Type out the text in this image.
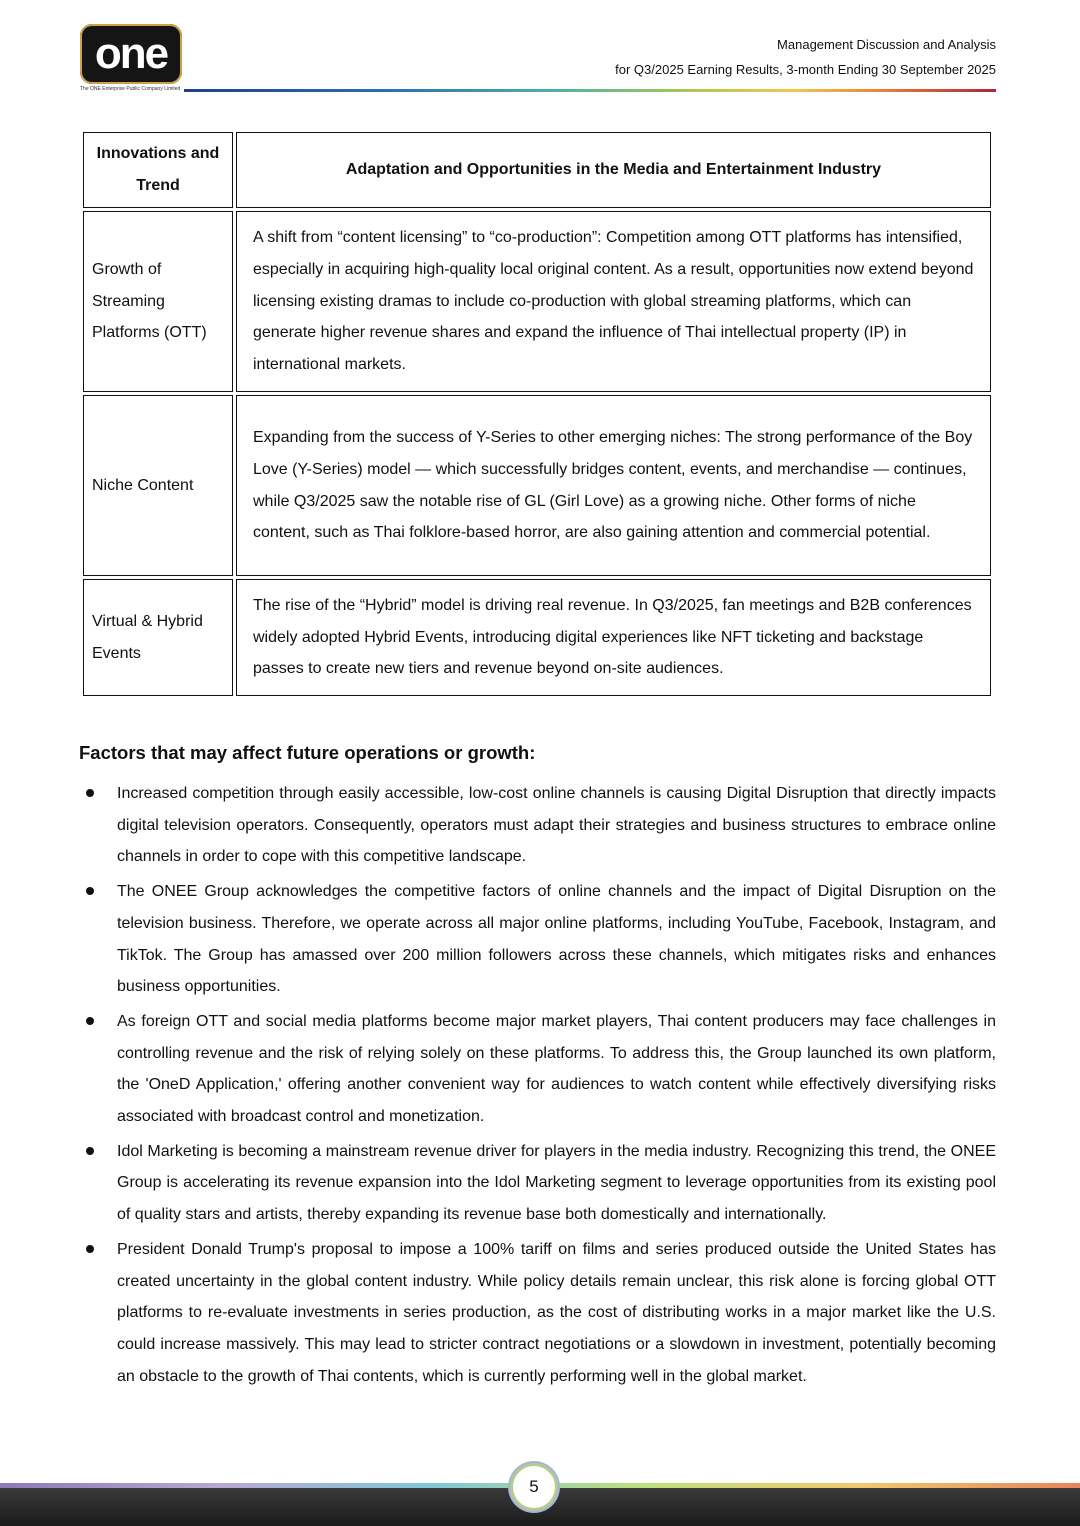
one
The ONE Enterprise Public Company Limited
Management Discussion and Analysis
for Q3/2025 Earning Results, 3-month Ending 30 September 2025
Innovations and Trend	Adaptation and Opportunities in the Media and Entertainment Industry
Growth of Streaming Platforms (OTT)	A shift from “content licensing” to “co-production”: Competition among OTT platforms has intensified, especially in acquiring high-quality local original content. As a result, opportunities now extend beyond licensing existing dramas to include co-production with global streaming platforms, which can generate higher revenue shares and expand the influence of Thai intellectual property (IP) in international markets.
Niche Content	Expanding from the success of Y-Series to other emerging niches: The strong performance of the Boy Love (Y-Series) model — which successfully bridges content, events, and merchandise — continues, while Q3/2025 saw the notable rise of GL (Girl Love) as a growing niche. Other forms of niche content, such as Thai folklore-based horror, are also gaining attention and commercial potential.
Virtual & Hybrid Events	The rise of the “Hybrid” model is driving real revenue. In Q3/2025, fan meetings and B2B conferences widely adopted Hybrid Events, introducing digital experiences like NFT ticketing and backstage passes to create new tiers and revenue beyond on-site audiences.
Factors that may affect future operations or growth:
Increased competition through easily accessible, low-cost online channels is causing Digital Disruption that directly impacts digital television operators. Consequently, operators must adapt their strategies and business structures to embrace online channels in order to cope with this competitive landscape.
The ONEE Group acknowledges the competitive factors of online channels and the impact of Digital Disruption on the television business. Therefore, we operate across all major online platforms, including YouTube, Facebook, Instagram, and TikTok. The Group has amassed over 200 million followers across these channels, which mitigates risks and enhances business opportunities.
As foreign OTT and social media platforms become major market players, Thai content producers may face challenges in controlling revenue and the risk of relying solely on these platforms. To address this, the Group launched its own platform, the 'OneD Application,' offering another convenient way for audiences to watch content while effectively diversifying risks associated with broadcast control and monetization.
Idol Marketing is becoming a mainstream revenue driver for players in the media industry. Recognizing this trend, the ONEE Group is accelerating its revenue expansion into the Idol Marketing segment to leverage opportunities from its existing pool of quality stars and artists, thereby expanding its revenue base both domestically and internationally.
President Donald Trump's proposal to impose a 100% tariff on films and series produced outside the United States has created uncertainty in the global content industry. While policy details remain unclear, this risk alone is forcing global OTT platforms to re-evaluate investments in series production, as the cost of distributing works in a major market like the U.S. could increase massively. This may lead to stricter contract negotiations or a slowdown in investment, potentially becoming an obstacle to the growth of Thai contents, which is currently performing well in the global market.
5
